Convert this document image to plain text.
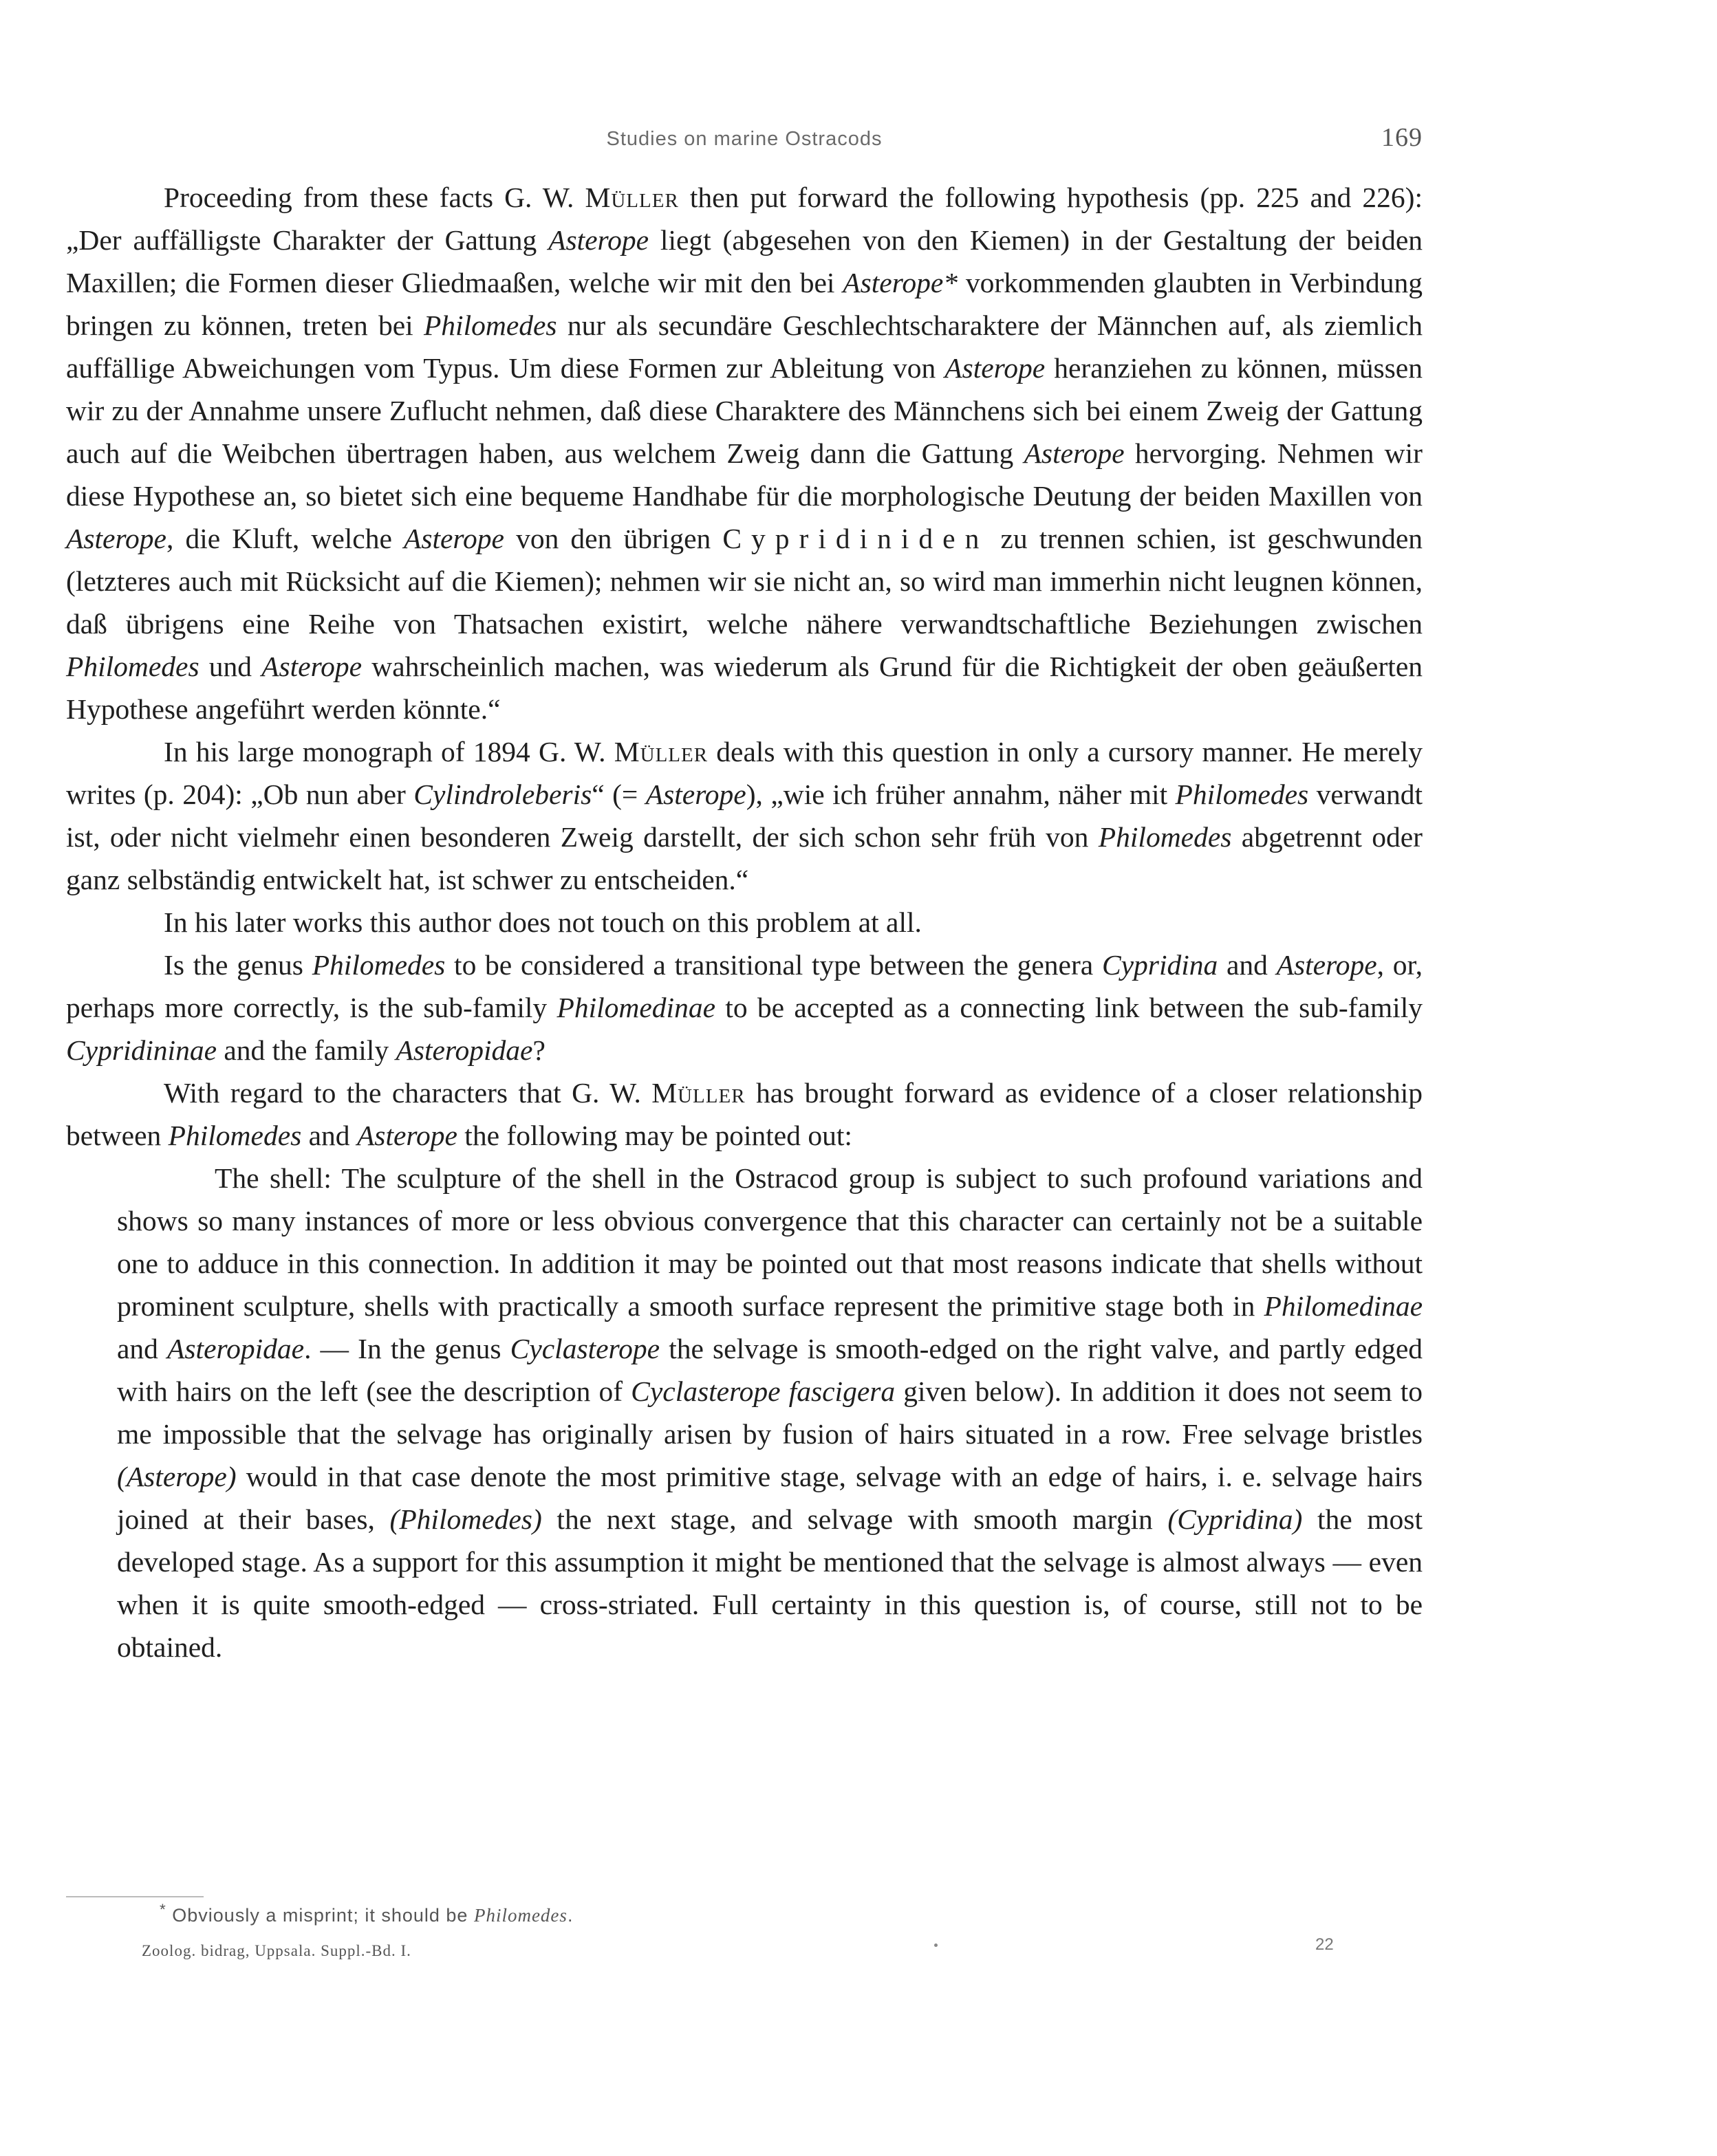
Studies on marine Ostracods	169

Proceeding from these facts G. W. Müller then put forward the following hypothesis (pp. 225 and 226): „Der auffälligste Charakter der Gattung Asterope liegt (abgesehen von den Kiemen) in der Gestaltung der beiden Maxillen; die Formen dieser Gliedmaaßen, welche wir mit den bei Asterope* vorkommenden glaubten in Verbindung bringen zu können, treten bei Philomedes nur als secundäre Geschlechtscharaktere der Männchen auf, als ziemlich auffällige Abweichungen vom Typus. Um diese Formen zur Ableitung von Asterope heranziehen zu können, müssen wir zu der Annahme unsere Zuflucht nehmen, daß diese Charaktere des Männchens sich bei einem Zweig der Gattung auch auf die Weibchen übertragen haben, aus welchem Zweig dann die Gattung Asterope hervorging. Nehmen wir diese Hypothese an, so bietet sich eine bequeme Handhabe für die morphologische Deutung der beiden Maxillen von Asterope, die Kluft, welche Asterope von den übrigen Cypridiniden zu trennen schien, ist geschwunden (letzteres auch mit Rücksicht auf die Kiemen); nehmen wir sie nicht an, so wird man immerhin nicht leugnen können, daß übrigens eine Reihe von Thatsachen existirt, welche nähere verwandtschaftliche Beziehungen zwischen Philomedes und Asterope wahrscheinlich machen, was wiederum als Grund für die Richtigkeit der oben geäußerten Hypothese angeführt werden könnte.“

In his large monograph of 1894 G. W. Müller deals with this question in only a cursory manner. He merely writes (p. 204): „Ob nun aber Cylindroleberis“ (= Asterope), „wie ich früher annahm, näher mit Philomedes verwandt ist, oder nicht vielmehr einen besonderen Zweig darstellt, der sich schon sehr früh von Philomedes abgetrennt oder ganz selbständig entwickelt hat, ist schwer zu entscheiden.“

In his later works this author does not touch on this problem at all.

Is the genus Philomedes to be considered a transitional type between the genera Cypridina and Asterope, or, perhaps more correctly, is the sub-family Philomedinae to be accepted as a connecting link between the sub-family Cypridininae and the family Asteropidae?

With regard to the characters that G. W. Müller has brought forward as evidence of a closer relationship between Philomedes and Asterope the following may be pointed out:

The shell: The sculpture of the shell in the Ostracod group is subject to such profound variations and shows so many instances of more or less obvious convergence that this character can certainly not be a suitable one to adduce in this connection. In addition it may be pointed out that most reasons indicate that shells without prominent sculpture, shells with practically a smooth surface represent the primitive stage both in Philomedinae and Asteropidae. — In the genus Cyclasterope the selvage is smooth-edged on the right valve, and partly edged with hairs on the left (see the description of Cyclasterope fascigera given below). In addition it does not seem to me impossible that the selvage has originally arisen by fusion of hairs situated in a row. Free selvage bristles (Asterope) would in that case denote the most primitive stage, selvage with an edge of hairs, i. e. selvage hairs joined at their bases, (Philomedes) the next stage, and selvage with smooth margin (Cypridina) the most developed stage. As a support for this assumption it might be mentioned that the selvage is almost always — even when it is quite smooth-edged — cross-striated. Full certainty in this question is, of course, still not to be obtained.

* Obviously a misprint; it should be Philomedes.
Zoolog. bidrag, Uppsala. Suppl.-Bd. I.	22
